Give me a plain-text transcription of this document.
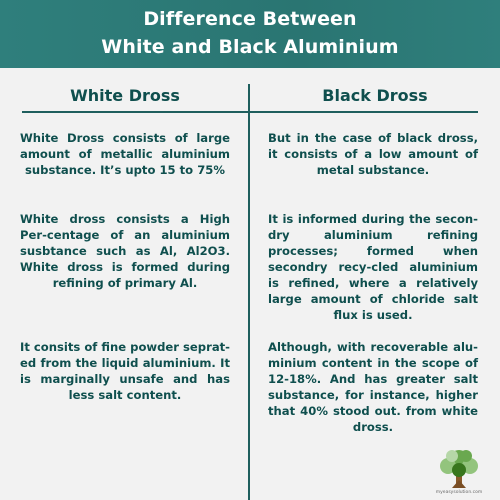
Difference Between
White and Black Aluminium
White Dross	Black Dross
White Dross consists of large amount of metallic aluminium substance. It’s upto 15 to 75%
But in the case of black dross, it consists of a low amount of metal substance.
White dross consists a High Per-centage of an aluminium susbtance such as Al, Al2O3. White dross is formed during refining of primary Al.
It is informed during the secon-dry aluminium refining processes; formed when secondry recy-cled aluminium is refined, where a relatively large amount of chloride salt flux is used.
It consits of fine powder seprat-ed from the liquid aluminium. It is marginally unsafe and has less salt content.
Although, with recoverable alu-minium content in the scope of 12-18%. And has greater salt substance, for instance, higher that 40% stood out. from white dross.
myeasysolution.com
